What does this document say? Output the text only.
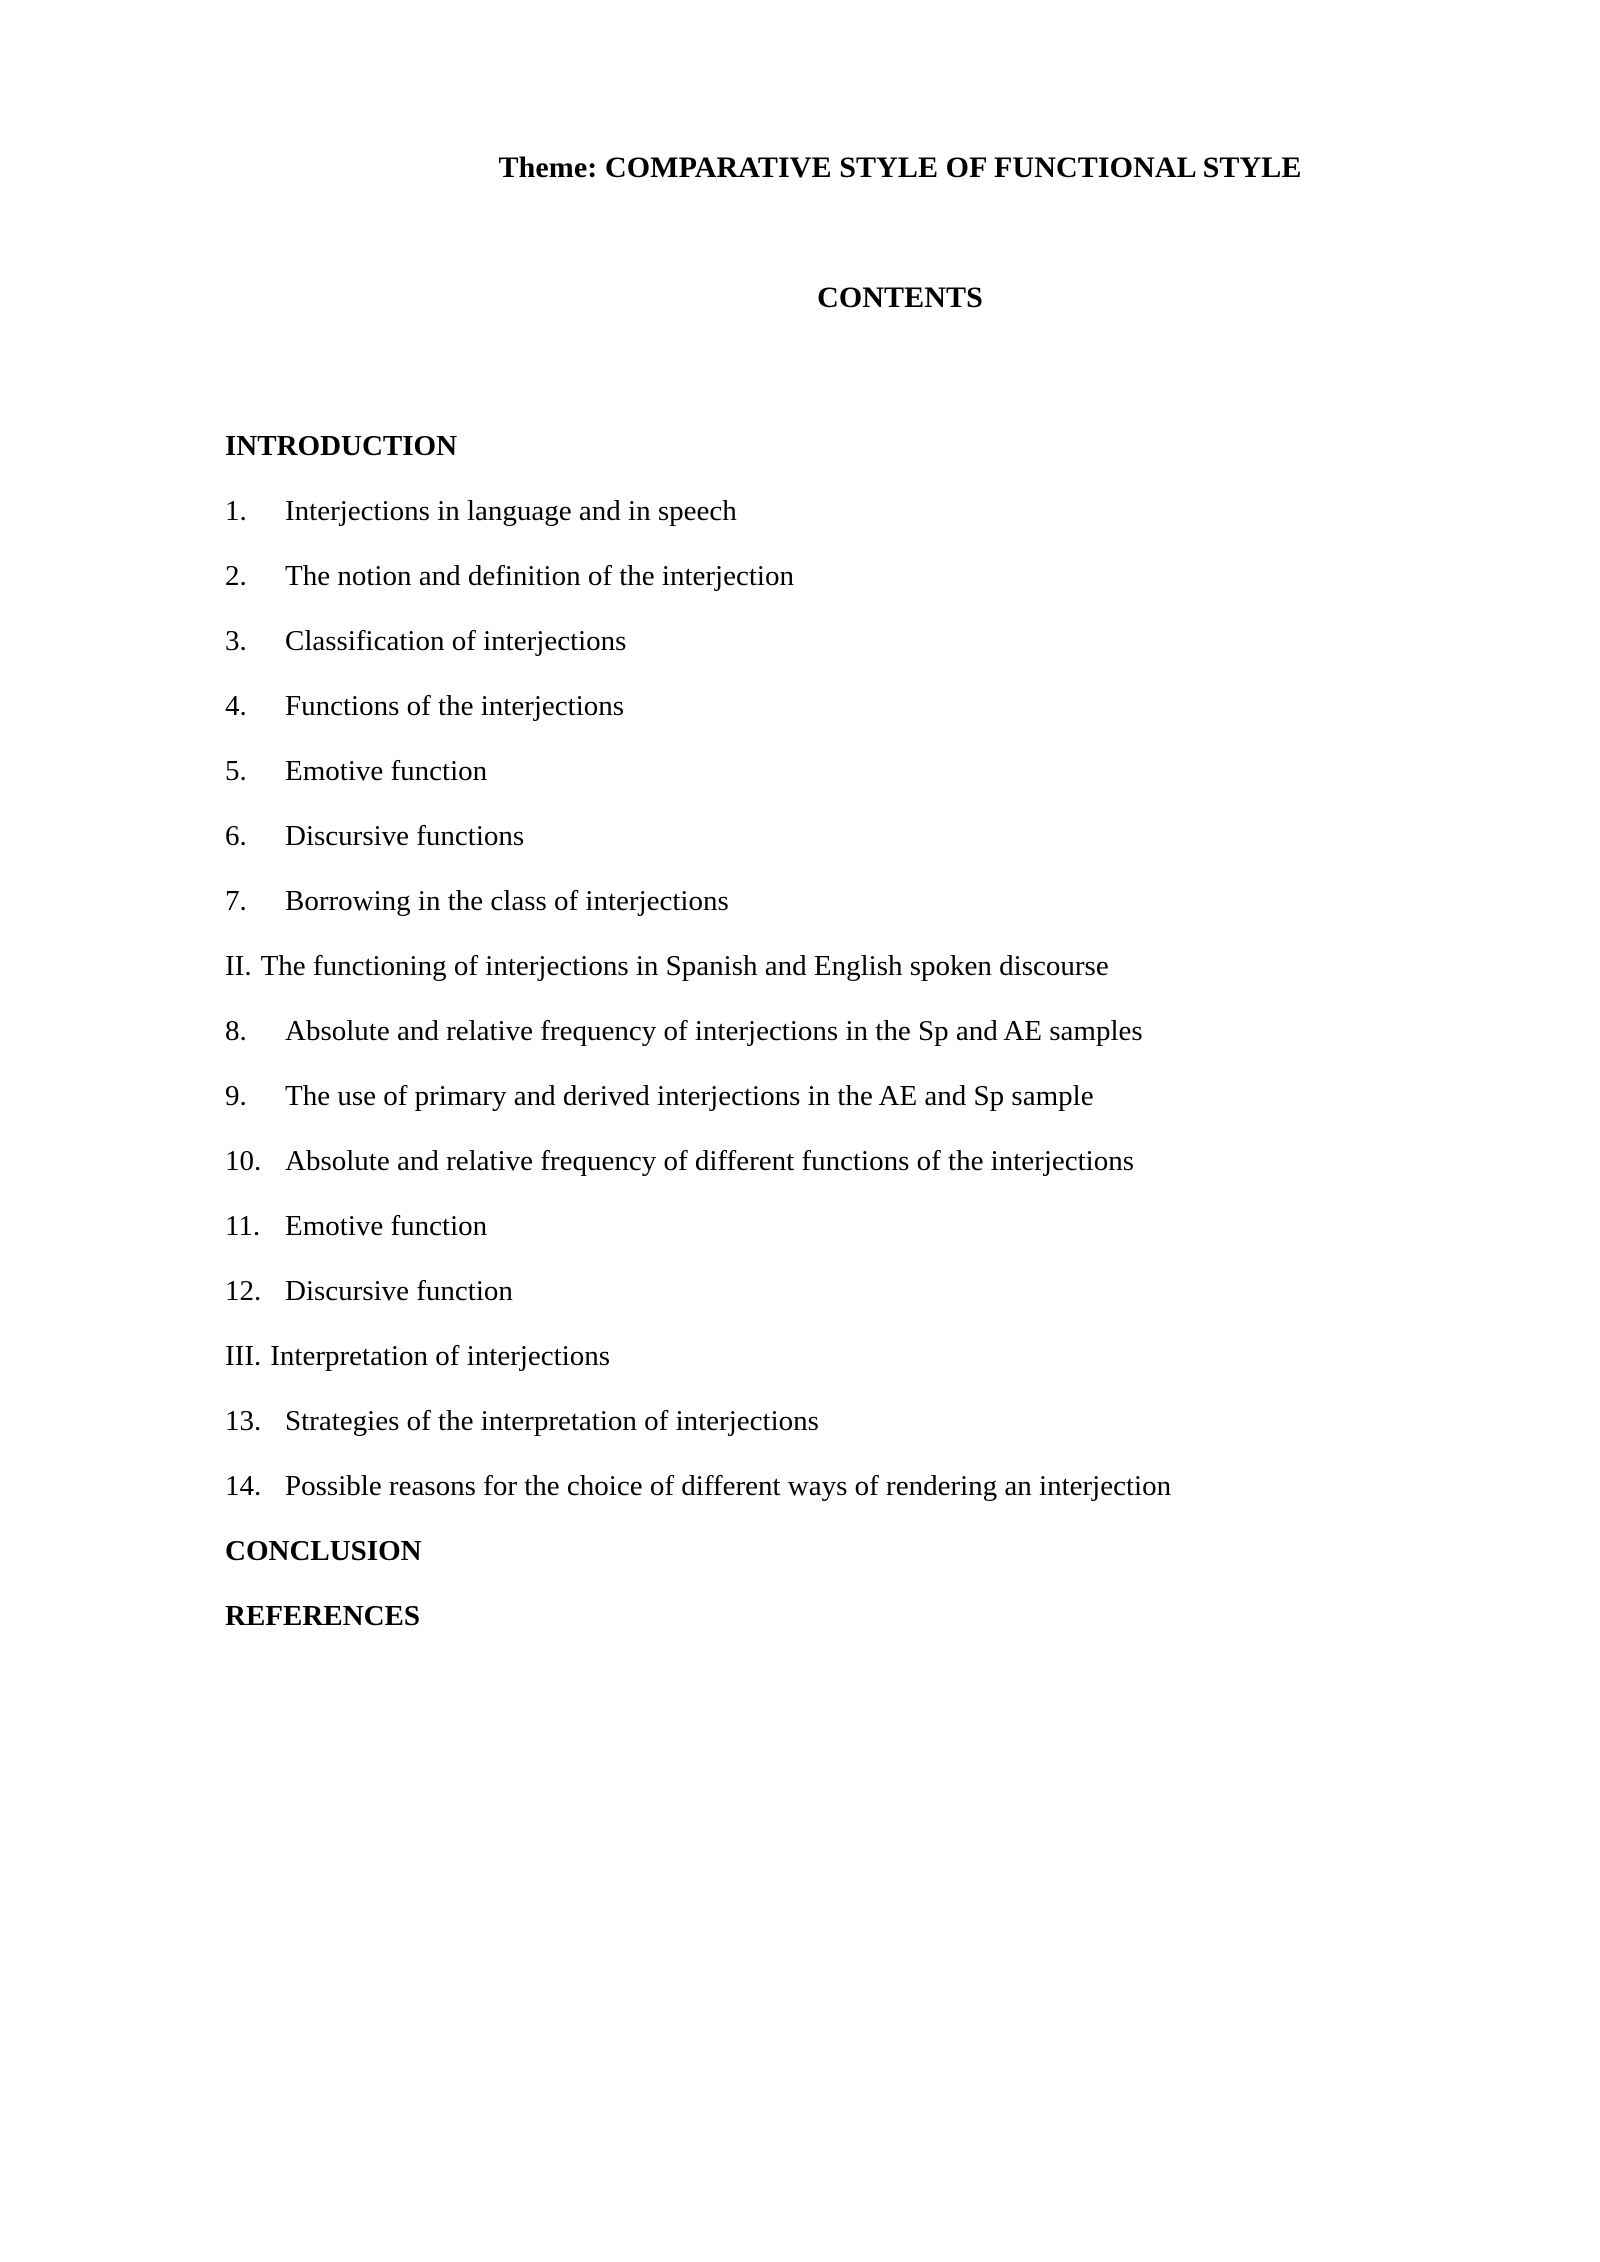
Theme: COMPARATIVE STYLE OF FUNCTIONAL STYLE
CONTENTS
INTRODUCTION
1.	Interjections in language and in speech
2.	The notion and definition of the interjection
3.	Classification of interjections
4.	Functions of the interjections
5.	Emotive function
6.	Discursive functions
7.	Borrowing in the class of interjections
II. The functioning of interjections in Spanish and English spoken discourse
8.	Absolute and relative frequency of interjections in the Sp and AE samples
9.	The use of primary and derived interjections in the AE and Sp sample
10. Absolute and relative frequency of different functions of the interjections
11. Emotive function
12. Discursive function
III. Interpretation of interjections
13. Strategies of the interpretation of interjections
14. Possible reasons for the choice of different ways of rendering an interjection
CONCLUSION
REFERENCES
